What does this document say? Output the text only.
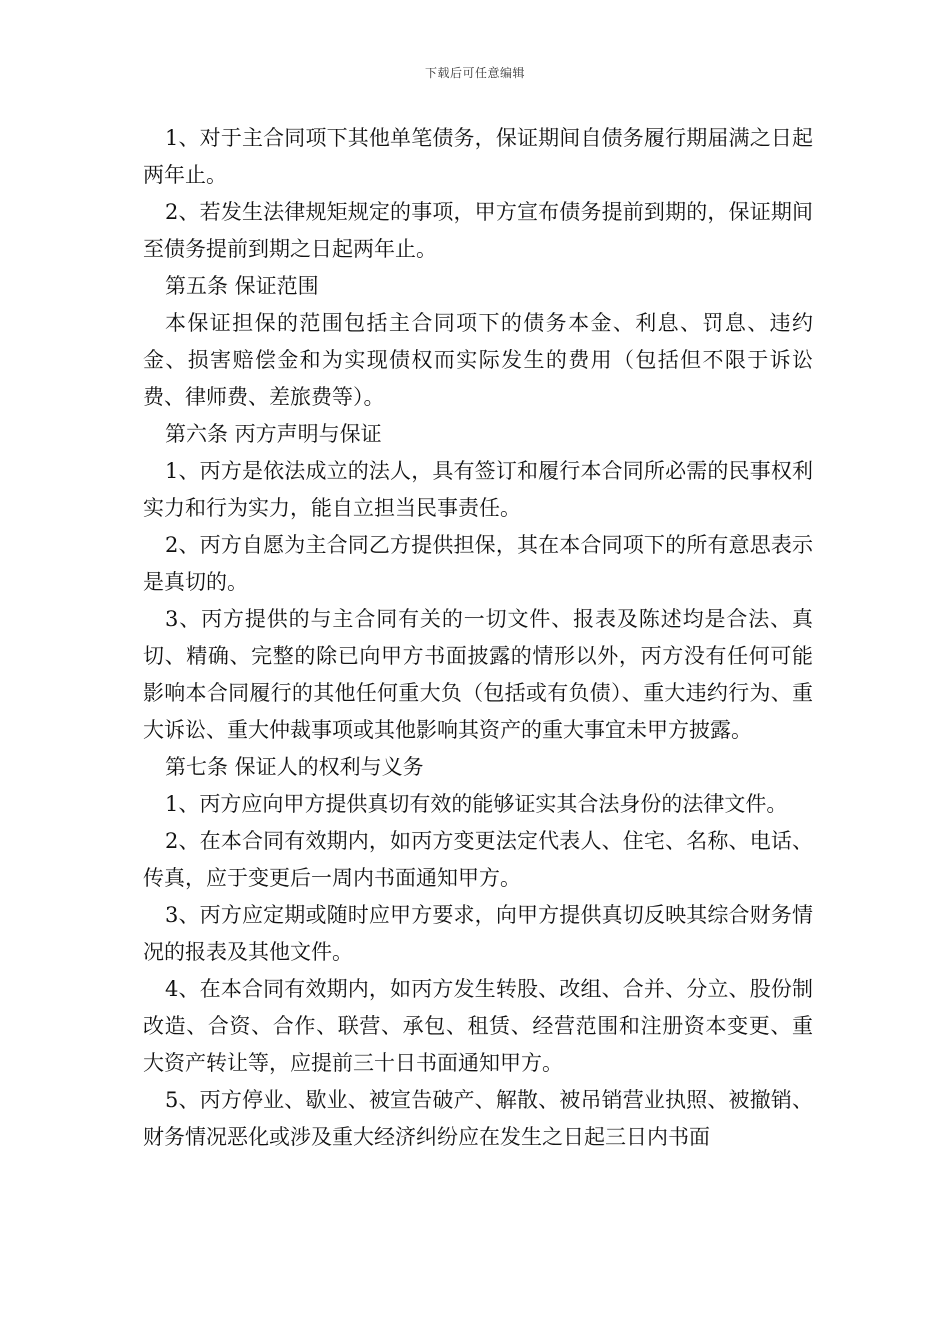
下载后可任意编辑

1、对于主合同项下其他单笔债务，保证期间自债务履行期届满之日起两年止。

2、若发生法律规矩规定的事项，甲方宣布债务提前到期的，保证期间至债务提前到期之日起两年止。

第五条 保证范围

本保证担保的范围包括主合同项下的债务本金、利息、罚息、违约金、损害赔偿金和为实现债权而实际发生的费用（包括但不限于诉讼费、律师费、差旅费等）。

第六条 丙方声明与保证

1、丙方是依法成立的法人，具有签订和履行本合同所必需的民事权利实力和行为实力，能自立担当民事责任。

2、丙方自愿为主合同乙方提供担保，其在本合同项下的所有意思表示是真切的。

3、丙方提供的与主合同有关的一切文件、报表及陈述均是合法、真切、精确、完整的除已向甲方书面披露的情形以外，丙方没有任何可能影响本合同履行的其他任何重大负（包括或有负债）、重大违约行为、重大诉讼、重大仲裁事项或其他影响其资产的重大事宜未甲方披露。

第七条 保证人的权利与义务

1、丙方应向甲方提供真切有效的能够证实其合法身份的法律文件。

2、在本合同有效期内，如丙方变更法定代表人、住宅、名称、电话、传真，应于变更后一周内书面通知甲方。

3、丙方应定期或随时应甲方要求，向甲方提供真切反映其综合财务情况的报表及其他文件。

4、在本合同有效期内，如丙方发生转股、改组、合并、分立、股份制改造、合资、合作、联营、承包、租赁、经营范围和注册资本变更、重大资产转让等，应提前三十日书面通知甲方。

5、丙方停业、歇业、被宣告破产、解散、被吊销营业执照、被撤销、财务情况恶化或涉及重大经济纠纷应在发生之日起三日内书面
